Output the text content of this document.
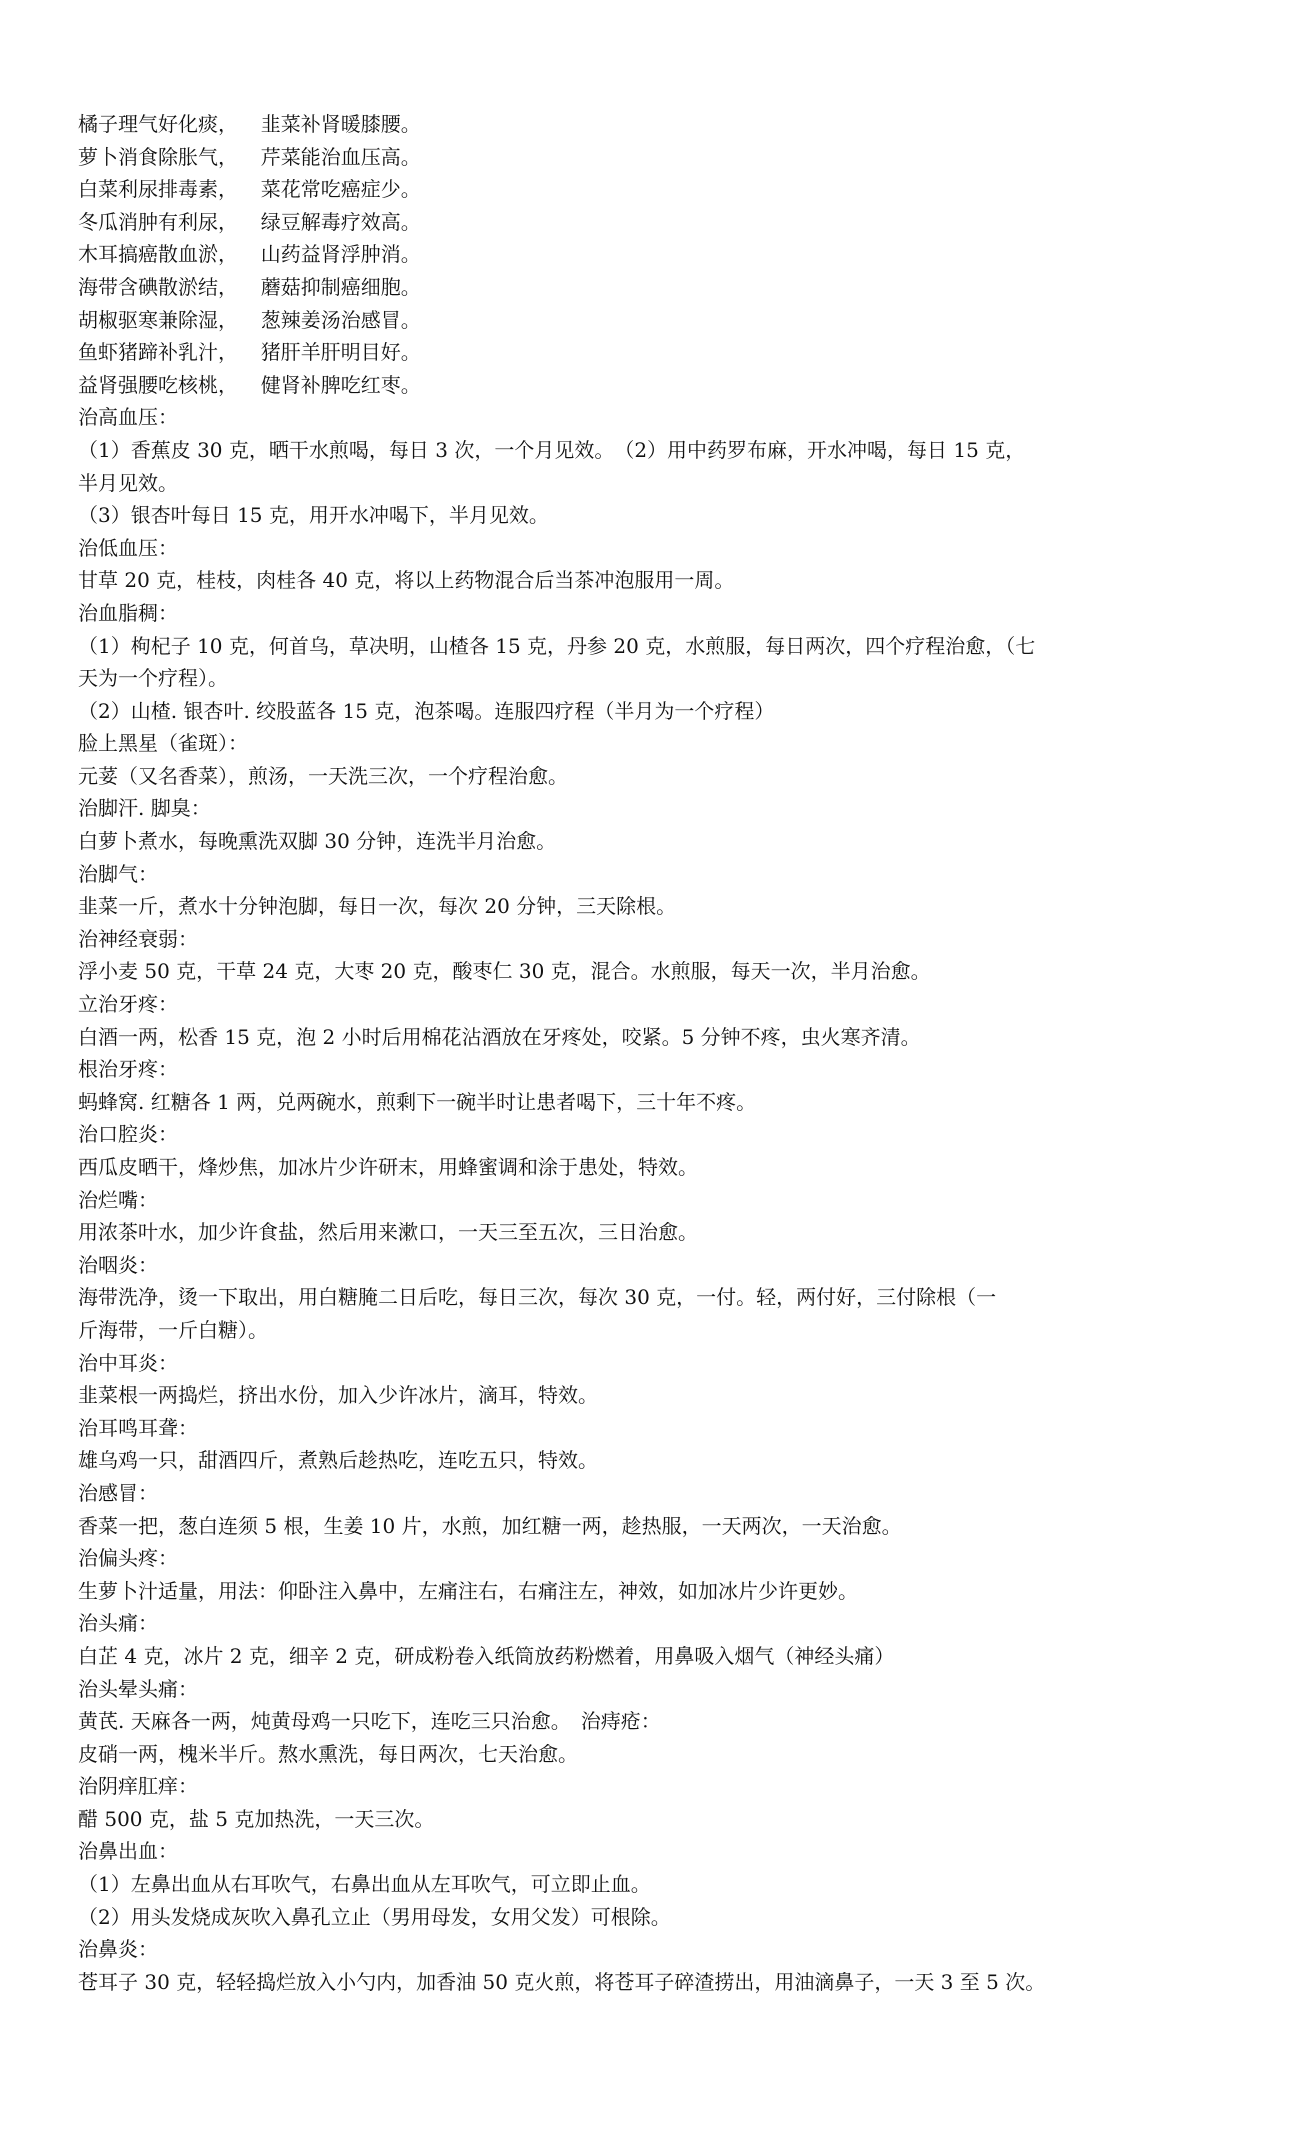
橘子理气好化痰，　  韭菜补肾暖膝腰。
萝卜消食除胀气，　  芹菜能治血压高。
白菜利尿排毒素，　  菜花常吃癌症少。
冬瓜消肿有利尿，　  绿豆解毒疗效高。
木耳搞癌散血淤，　  山药益肾浮肿消。
海带含碘散淤结，　  蘑菇抑制癌细胞。
胡椒驱寒兼除湿，　  葱辣姜汤治感冒。
鱼虾猪蹄补乳汁，　  猪肝羊肝明目好。
益肾强腰吃核桃，　  健肾补脾吃红枣。
治高血压：
（1）香蕉皮 30 克，晒干水煎喝，每日 3 次，一个月见效。　（2）用中药罗布麻，开水冲喝，每日 15 克，
半月见效。
（3）银杏叶每日 15 克，用开水冲喝下，半月见效。
治低血压：
甘草 20 克，桂枝，肉桂各 40 克，将以上药物混合后当茶冲泡服用一周。
治血脂稠：
（1）枸杞子 10 克，何首乌，草决明，山楂各 15 克，丹参 20 克，水煎服，每日两次，四个疗程治愈，（七
天为一个疗程）。
（2）山楂. 银杏叶. 绞股蓝各 15 克，泡茶喝。连服四疗程（半月为一个疗程）
脸上黑星（雀斑）：
元荽（又名香菜），煎汤，一天洗三次，一个疗程治愈。
治脚汗. 脚臭：
白萝卜煮水，每晚熏洗双脚 30 分钟，连洗半月治愈。
治脚气：
韭菜一斤，煮水十分钟泡脚，每日一次，每次 20 分钟，三天除根。
治神经衰弱：
浮小麦 50 克，干草 24 克，大枣 20 克，酸枣仁 30 克，混合。水煎服，每天一次，半月治愈。
立治牙疼：
白酒一两，松香 15 克，泡 2 小时后用棉花沾酒放在牙疼处，咬紧。5 分钟不疼，虫火寒齐清。
根治牙疼：
蚂蜂窝. 红糖各 1 两，兑两碗水，煎剩下一碗半时让患者喝下，三十年不疼。
治口腔炎：
西瓜皮晒干，烽炒焦，加冰片少许研末，用蜂蜜调和涂于患处，特效。
治烂嘴：
用浓茶叶水，加少许食盐，然后用来漱口，一天三至五次，三日治愈。
治咽炎：
海带洗净，烫一下取出，用白糖腌二日后吃，每日三次，每次 30 克，一付。轻，两付好，三付除根（一
斤海带，一斤白糖）。
治中耳炎：
韭菜根一两捣烂，挤出水份，加入少许冰片，滴耳，特效。
治耳鸣耳聋：
雄乌鸡一只，甜酒四斤，煮熟后趁热吃，连吃五只，特效。
治感冒：
香菜一把，葱白连须 5 根，生姜 10 片，水煎，加红糖一两，趁热服，一天两次，一天治愈。
治偏头疼：
生萝卜汁适量，用法：仰卧注入鼻中，左痛注右，右痛注左，神效，如加冰片少许更妙。
治头痛：
白芷 4 克，冰片 2 克，细辛 2 克，研成粉卷入纸筒放药粉燃着，用鼻吸入烟气（神经头痛）
治头晕头痛：
黄芪. 天麻各一两，炖黄母鸡一只吃下，连吃三只治愈。　治痔疮：
皮硝一两，槐米半斤。熬水熏洗，每日两次，七天治愈。
治阴痒肛痒：
醋 500 克，盐 5 克加热洗，一天三次。
治鼻出血：
（1）左鼻出血从右耳吹气，右鼻出血从左耳吹气，可立即止血。
（2）用头发烧成灰吹入鼻孔立止（男用母发，女用父发）可根除。
治鼻炎：
苍耳子 30 克，轻轻捣烂放入小勺内，加香油 50 克火煎，将苍耳子碎渣捞出，用油滴鼻子，一天 3 至 5 次。
